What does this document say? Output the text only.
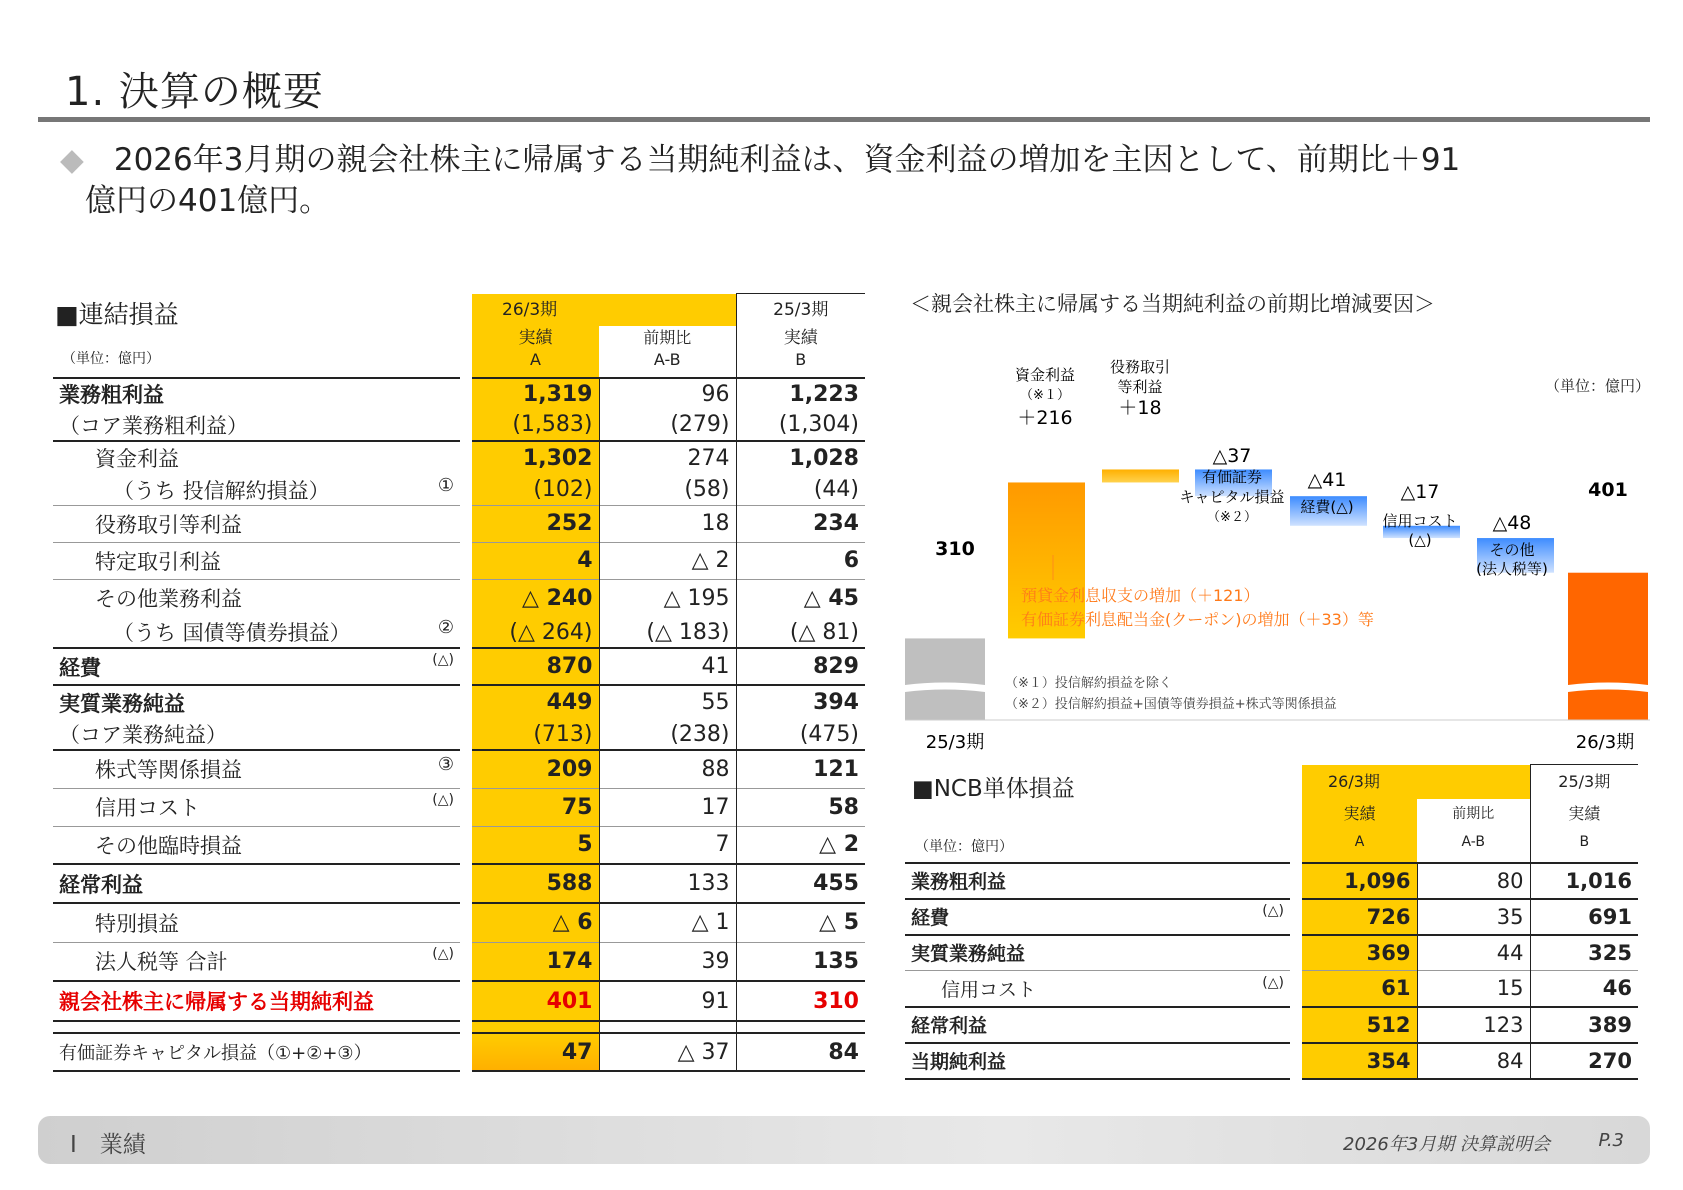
1. 決算の概要
◆ 2026年3月期の親会社株主に帰属する当期純利益は、資金利益の増加を主因として、前期比＋91
億円の401億円。
■連結損益
（単位：億円）
		26/3期		25/3期
		実績	前期比	実績
		A	A-B	B

業務粗利益		1,319	96	1,223
（コア業務粗利益）		(1,583)	(279)	(1,304)
資金利益		1,302	274	1,028
（うち 投信解約損益） ①		(102)	(58)	(44)
役務取引等利益		252	18	234
特定取引利益		4	△ 2	6
その他業務利益		△ 240	△ 195	△ 45
（うち 国債等債券損益） ②		(△ 264)	(△ 183)	(△ 81)
経費 (△)		870	41	829
実質業務純益		449	55	394
（コア業務純益）		(713)	(238)	(475)
株式等関係損益 ③		209	88	121
信用コスト (△)		75	17	58
その他臨時損益		5	7	△ 2
経常利益		588	133	455
特別損益		△ 6	△ 1	△ 5
法人税等 合計 (△)		174	39	135
親会社株主に帰属する当期純利益		401	91	310

有価証券キャピタル損益（①+②+③）		47	△ 37	84
＜親会社株主に帰属する当期純利益の前期比増減要因＞
（単位：億円）
310
25/3期
401
26/3期
資金利益
（※１）
＋216
役務取引
等利益
＋18
△37
有価証券
キャピタル損益
（※２）
△41
経費(△)
△17
信用コスト
(△)
△48
その他
(法人税等)
預貸金利息収支の増加（＋121）
有価証券利息配当金(クーポン)の増加（＋33）等
（※１）投信解約損益を除く
（※２）投信解約損益+国債等債券損益+株式等関係損益
■NCB単体損益
（単位：億円）
		26/3期		25/3期
		実績	前期比	実績
		A	A-B	B

業務粗利益		1,096	80	1,016
経費 (△)		726	35	691
実質業務純益		369	44	325
信用コスト (△)		61	15	46
経常利益		512	123	389
当期純利益		354	84	270
Ⅰ　業績	2026年3月期 決算説明会	P.3
